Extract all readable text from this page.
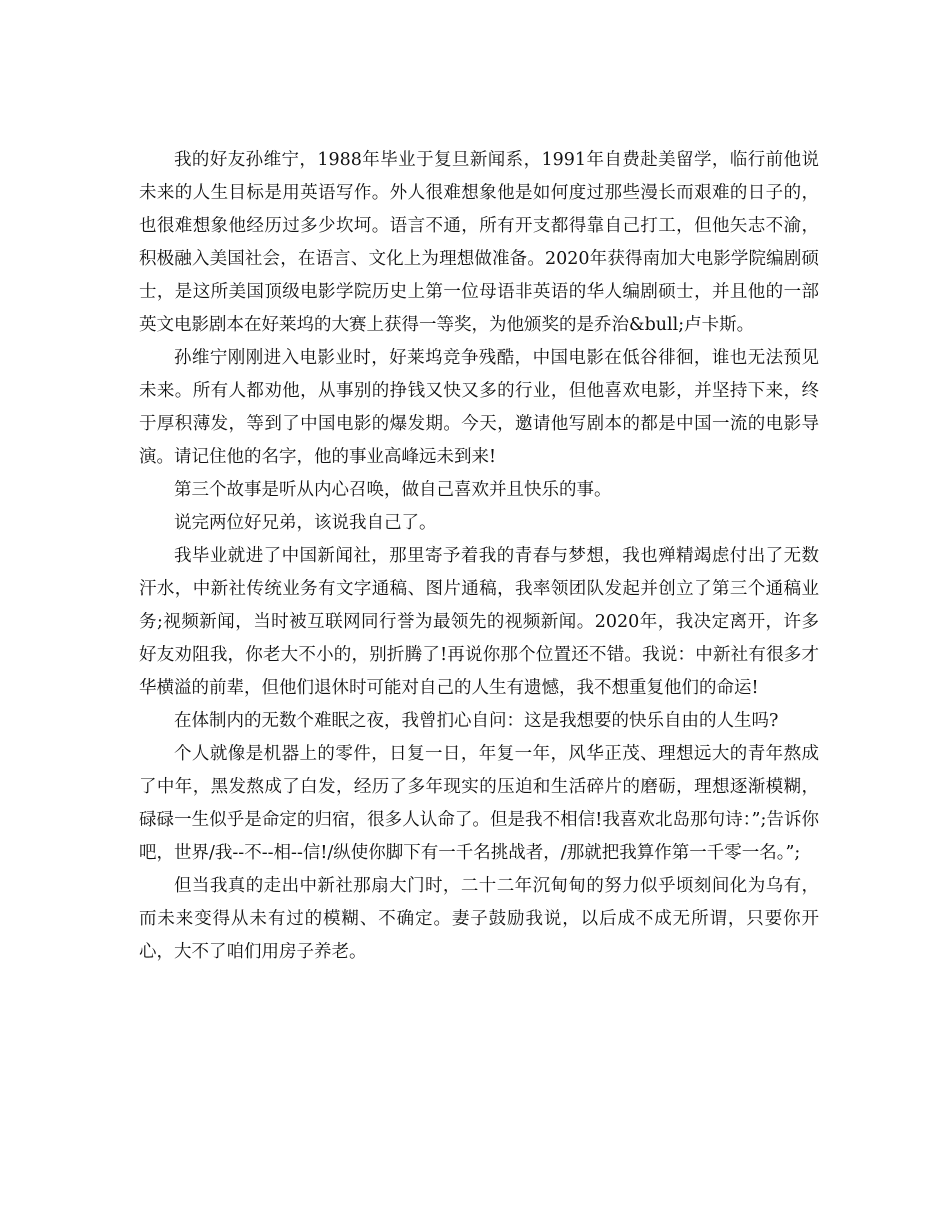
我的好友孙维宁，1988年毕业于复旦新闻系，1991年自费赴美留学，临行前他说未来的人生目标是用英语写作。外人很难想象他是如何度过那些漫长而艰难的日子的，也很难想象他经历过多少坎坷。语言不通，所有开支都得靠自己打工，但他矢志不渝，积极融入美国社会，在语言、文化上为理想做准备。2020年获得南加大电影学院编剧硕士，是这所美国顶级电影学院历史上第一位母语非英语的华人编剧硕士，并且他的一部英文电影剧本在好莱坞的大赛上获得一等奖，为他颁奖的是乔治&bull;卢卡斯。

孙维宁刚刚进入电影业时，好莱坞竞争残酷，中国电影在低谷徘徊，谁也无法预见未来。所有人都劝他，从事别的挣钱又快又多的行业，但他喜欢电影，并坚持下来，终于厚积薄发，等到了中国电影的爆发期。今天，邀请他写剧本的都是中国一流的电影导演。请记住他的名字，他的事业高峰远未到来!

第三个故事是听从内心召唤，做自己喜欢并且快乐的事。

说完两位好兄弟，该说我自己了。

我毕业就进了中国新闻社，那里寄予着我的青春与梦想，我也殚精竭虑付出了无数汗水，中新社传统业务有文字通稿、图片通稿，我率领团队发起并创立了第三个通稿业务;视频新闻，当时被互联网同行誉为最领先的视频新闻。2020年，我决定离开，许多好友劝阻我，你老大不小的，别折腾了!再说你那个位置还不错。我说：中新社有很多才华横溢的前辈，但他们退休时可能对自己的人生有遗憾，我不想重复他们的命运!

在体制内的无数个难眠之夜，我曾扪心自问：这是我想要的快乐自由的人生吗?

个人就像是机器上的零件，日复一日，年复一年，风华正茂、理想远大的青年熬成了中年，黑发熬成了白发，经历了多年现实的压迫和生活碎片的磨砺，理想逐渐模糊，碌碌一生似乎是命定的归宿，很多人认命了。但是我不相信!我喜欢北岛那句诗：”;告诉你吧，世界/我--不--相--信!/纵使你脚下有一千名挑战者，/那就把我算作第一千零一名。”;

但当我真的走出中新社那扇大门时，二十二年沉甸甸的努力似乎顷刻间化为乌有，而未来变得从未有过的模糊、不确定。妻子鼓励我说，以后成不成无所谓，只要你开心，大不了咱们用房子养老。
